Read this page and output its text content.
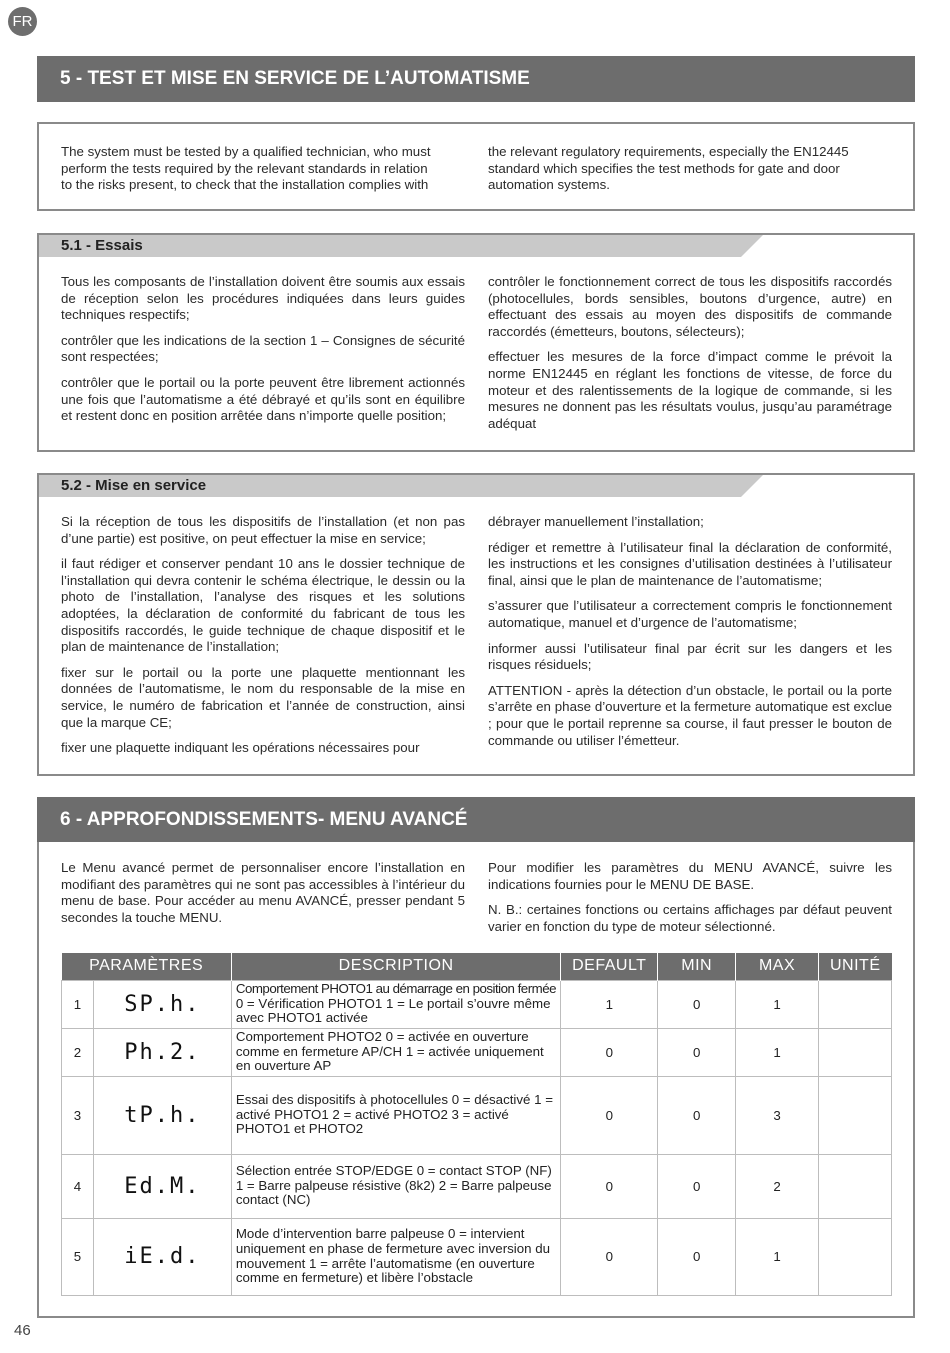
FR
5 - TEST ET MISE EN SERVICE DE L’AUTOMATISME
The system must be tested by a qualified technician, who must
perform the tests required by the relevant standards in relation
to the risks present, to check that the installation complies with
the relevant regulatory requirements, especially the EN12445
standard which specifies the test methods for gate and door
automation systems.
5.1 - Essais

Tous les composants de l’installation doivent être soumis aux essais de réception selon les procédures indiquées dans leurs guides techniques respectifs;

contrôler que les indications de la section 1 – Consignes de sécurité sont respectées;

contrôler que le portail ou la porte peuvent être librement actionnés une fois que l’automatisme a été débrayé et qu’ils sont en équilibre et restent donc en position arrêtée dans n’importe quelle position;

contrôler le fonctionnement correct de tous les dispositifs raccordés (photocellules, bords sensibles, boutons d’urgence, autre) en effectuant des essais au moyen des dispositifs de commande raccordés (émetteurs, boutons, sélecteurs);

effectuer les mesures de la force d’impact comme le prévoit la norme EN12445 en réglant les fonctions de vitesse, de force du moteur et des ralentissements de la logique de commande, si les mesures ne donnent pas les résultats voulus, jusqu’au paramétrage adéquat

5.2 - Mise en service

Si la réception de tous les dispositifs de l’installation (et non pas d’une partie) est positive, on peut effectuer la mise en service;

il faut rédiger et conserver pendant 10 ans le dossier technique de l’installation qui devra contenir le schéma électrique, le dessin ou la photo de l’installation, l’analyse des risques et les solutions adoptées, la déclaration de conformité du fabricant de tous les dispositifs raccordés, le guide technique de chaque dispositif et le plan de maintenance de l’installation;

fixer sur le portail ou la porte une plaquette mentionnant les données de l’automatisme, le nom du responsable de la mise en service, le numéro de fabrication et l’année de construction, ainsi que la marque CE;

fixer une plaquette indiquant les opérations nécessaires pour

débrayer manuellement l’installation;

rédiger et remettre à l’utilisateur final la déclaration de conformité, les instructions et les consignes d’utilisation destinées à l’utilisateur final, ainsi que le plan de maintenance de l’automatisme;

s’assurer que l’utilisateur a correctement compris le fonctionnement automatique, manuel et d’urgence de l’automatisme;

informer aussi l’utilisateur final par écrit sur les dangers et les risques résiduels;

ATTENTION - après la détection d’un obstacle, le portail ou la porte s’arrête en phase d’ouverture et la fermeture automatique est exclue ; pour que le portail reprenne sa course, il faut presser le bouton de commande ou utiliser l’émetteur.

6 - APPROFONDISSEMENTS- MENU AVANCÉ

Le Menu avancé permet de personnaliser encore l’installation en modifiant des paramètres qui ne sont pas accessibles à l’intérieur du menu de base. Pour accéder au menu AVANCÉ, presser pendant 5 secondes la touche MENU.

Pour modifier les paramètres du MENU AVANCÉ, suivre les indications fournies pour le MENU DE BASE.

N. B.: certaines fonctions ou certains affichages par défaut peuvent varier en fonction du type de moteur sélectionné.

PARAMÈTRES		DESCRIPTION	DEFAULT	MIN	MAX	UNITÉ
1	SP.h.	Comportement PHOTO1 au démarrage en position fermée 0 = Vérification PHOTO1 1 = Le portail s’ouvre même avec PHOTO1 activée	1	0	1	
2	Ph.2.	Comportement PHOTO2 0 = activée en ouverture comme en fermeture AP/CH 1 = activée uniquement en ouverture AP	0	0	1	
3	tP.h.	Essai des dispositifs à photocellules 0 = désactivé 1 = activé PHOTO1 2 = activé PHOTO2 3 = activé PHOTO1 et PHOTO2	0	0	3	
4	Ed.M.	Sélection entrée STOP/EDGE 0 = contact STOP (NF) 1 = Barre palpeuse résistive (8k2) 2 = Barre palpeuse contact (NC)	0	0	2	
5	iE.d.	Mode d’intervention barre palpeuse 0 = intervient uniquement en phase de fermeture avec inversion du mouvement 1 = arrête l’automatisme (en ouverture comme en fermeture) et libère l’obstacle	0	0	1	
46
